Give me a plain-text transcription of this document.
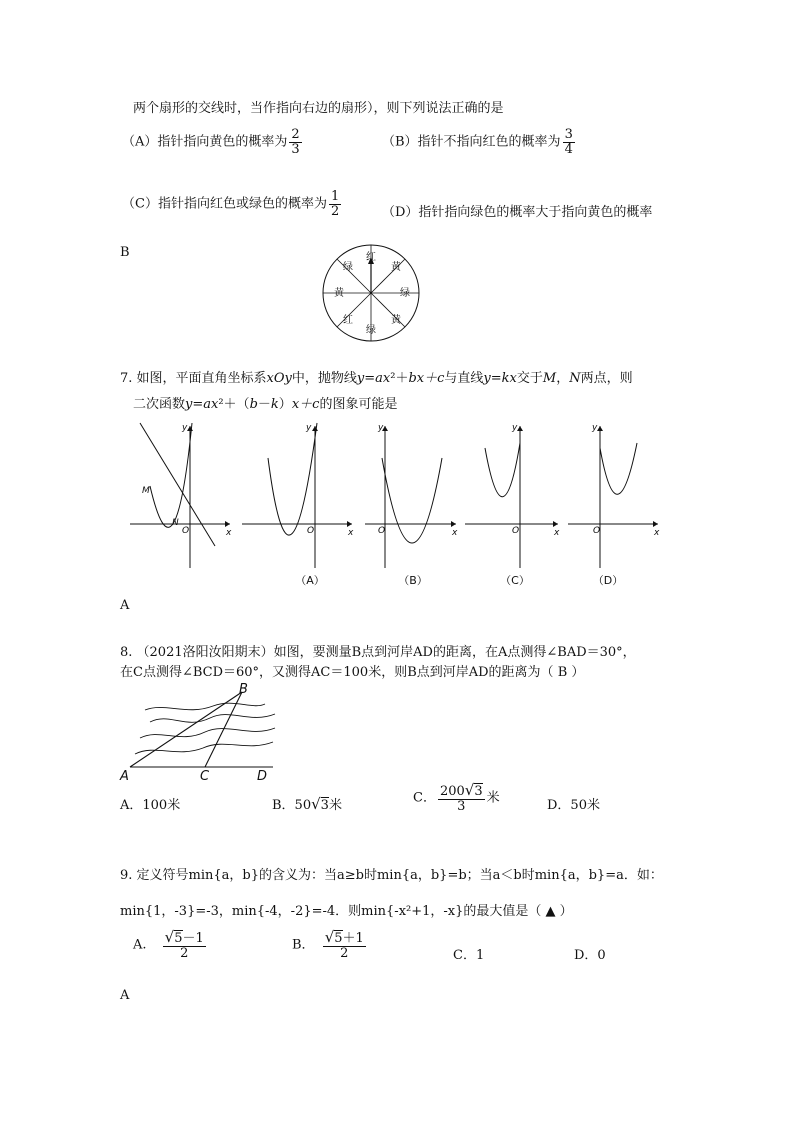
两个扇形的交线时，当作指向右边的扇形），则下列说法正确的是
（A）指针指向黄色的概率为 $\frac{2}{3}$	（B）指针不指向红色的概率为 $\frac{3}{4}$
（C）指针指向红色或绿色的概率为 $\frac{1}{2}$	（D）指针指向绿色的概率大于指向黄色的概率
B	红
黄
绿
黄
绿
红
黄
绿
7. 如图，平面直角坐标系xOy中，抛物线y=ax²＋bx＋c与直线y=kx交于M，N两点，则
二次函数y=ax²＋（b－k）x＋c的图象可能是
x
y
O
M
N
x
y
O	x
y
O	x
y
O	x
y
O
（A）	（B）	（C）	（D）
A
8. （2021洛阳汝阳期末）如图，要测量B点到河岸AD的距离，在A点测得∠BAD＝30°，
在C点测得∠BCD＝60°，又测得AC＝100米，则B点到河岸AD的距离为（ B ）
A
B
C	D
A．100米	B．50√3米	C． $\frac{200√3}{3}$ 米	D．50米
9. 定义符号min{a，b}的含义为：当a≥b时min{a，b}=b；当a＜b时min{a，b}=a．如：
min{1，-3}=-3，min{-4，-2}=-4．则min{-x²+1，-x}的最大值是（ ▲ ）
A. $\frac{√5-1}{2}$	B． $\frac{√5+1}{2}$	C．1	D．0
A
